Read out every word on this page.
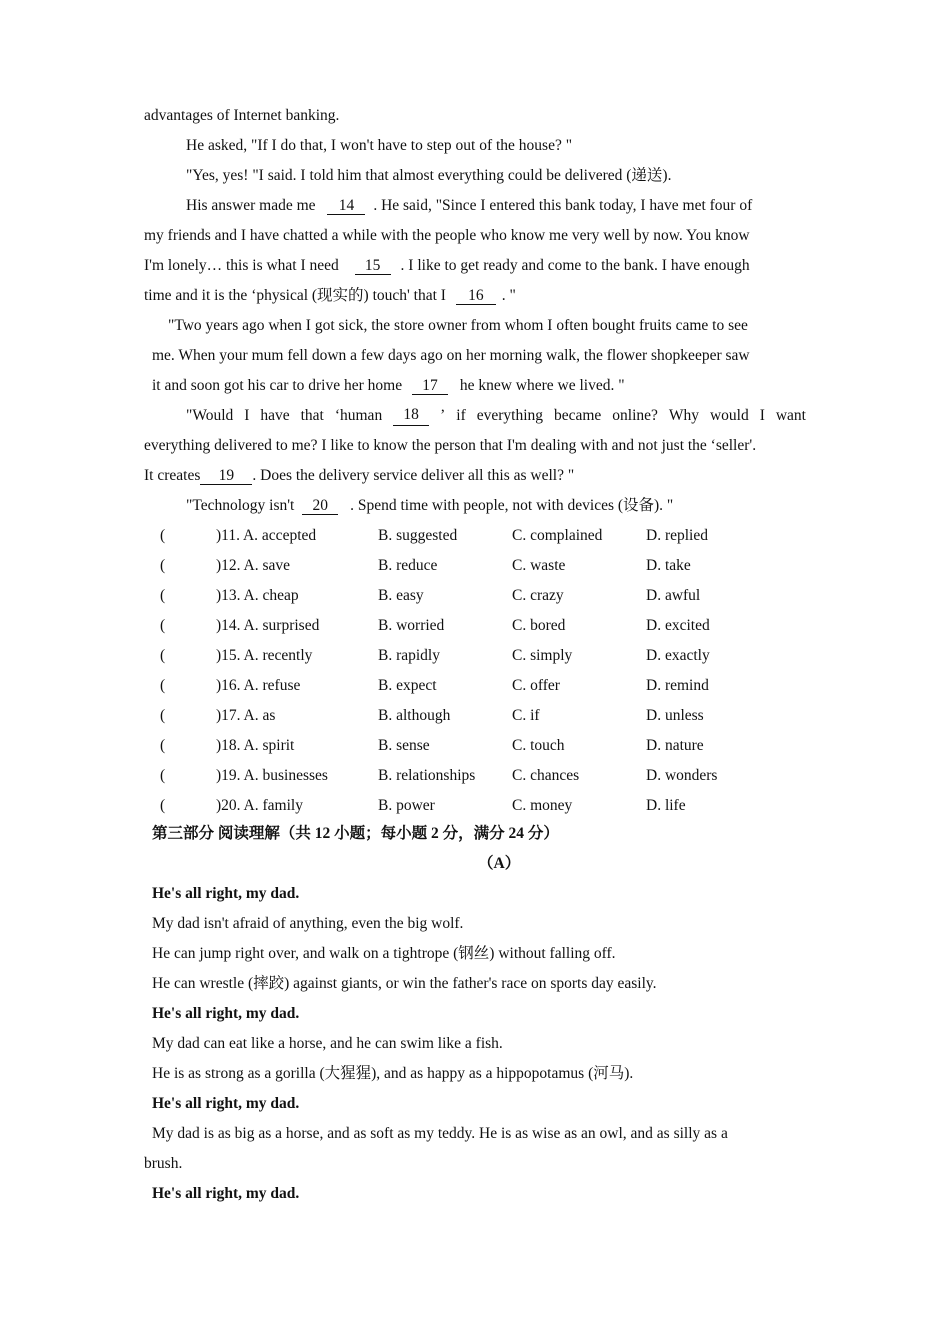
advantages of Internet banking.
He asked, "If I do that, I won't have to step out of the house? "
"Yes, yes! "I said. I told him that almost everything could be delivered (递送).
His answer made me 14 . He said, "Since I entered this bank today, I have met four of
my friends and I have chatted a while with the people who know me very well by now. You know
I'm lonely… this is what I need 15 . I like to get ready and come to the bank. I have enough
time and it is the ‘physical (现实的) touch' that I 16 . "
"Two years ago when I got sick, the store owner from whom I often bought fruits came to see
me. When your mum fell down a few days ago on her morning walk, the flower shopkeeper saw
it and soon got his car to drive her home 17 he knew where we lived. "
"Would I have that ‘human	18	’ if everything became online? Why would I want
everything delivered to me? I like to know the person that I'm dealing with and not just the ‘seller'.
It creates 19 . Does the delivery service deliver all this as well? "
"Technology isn't 20 . Spend time with people, not with devices (设备). "
(	)11. A. accepted	B. suggested	C. complained	D. replied
(	)12. A. save	B. reduce	C. waste	D. take
(	)13. A. cheap	B. easy	C. crazy	D. awful
(	)14. A. surprised	B. worried	C. bored	D. excited
(	)15. A. recently	B. rapidly	C. simply	D. exactly
(	)16. A. refuse	B. expect	C. offer	D. remind
(	)17. A. as	B. although	C. if	D. unless
(	)18. A. spirit	B. sense	C. touch	D. nature
(	)19. A. businesses	B. relationships C. chances	D. wonders
(	)20. A. family	B. power	C. money	D. life
第三部分 阅读理解（共 12 小题；每小题 2 分，满分 24 分）
（A）
He's all right, my dad.
My dad isn't afraid of anything, even the big wolf.
He can jump right over, and walk on a tightrope (钢丝) without falling off.
He can wrestle (摔跤) against giants, or win the father's race on sports day easily.
He's all right, my dad.
My dad can eat like a horse, and he can swim like a fish.
He is as strong as a gorilla (大猩猩), and as happy as a hippopotamus (河马).
He's all right, my dad.
My dad is as big as a horse, and as soft as my teddy. He is as wise as an owl, and as silly as a
brush.
He's all right, my dad.
